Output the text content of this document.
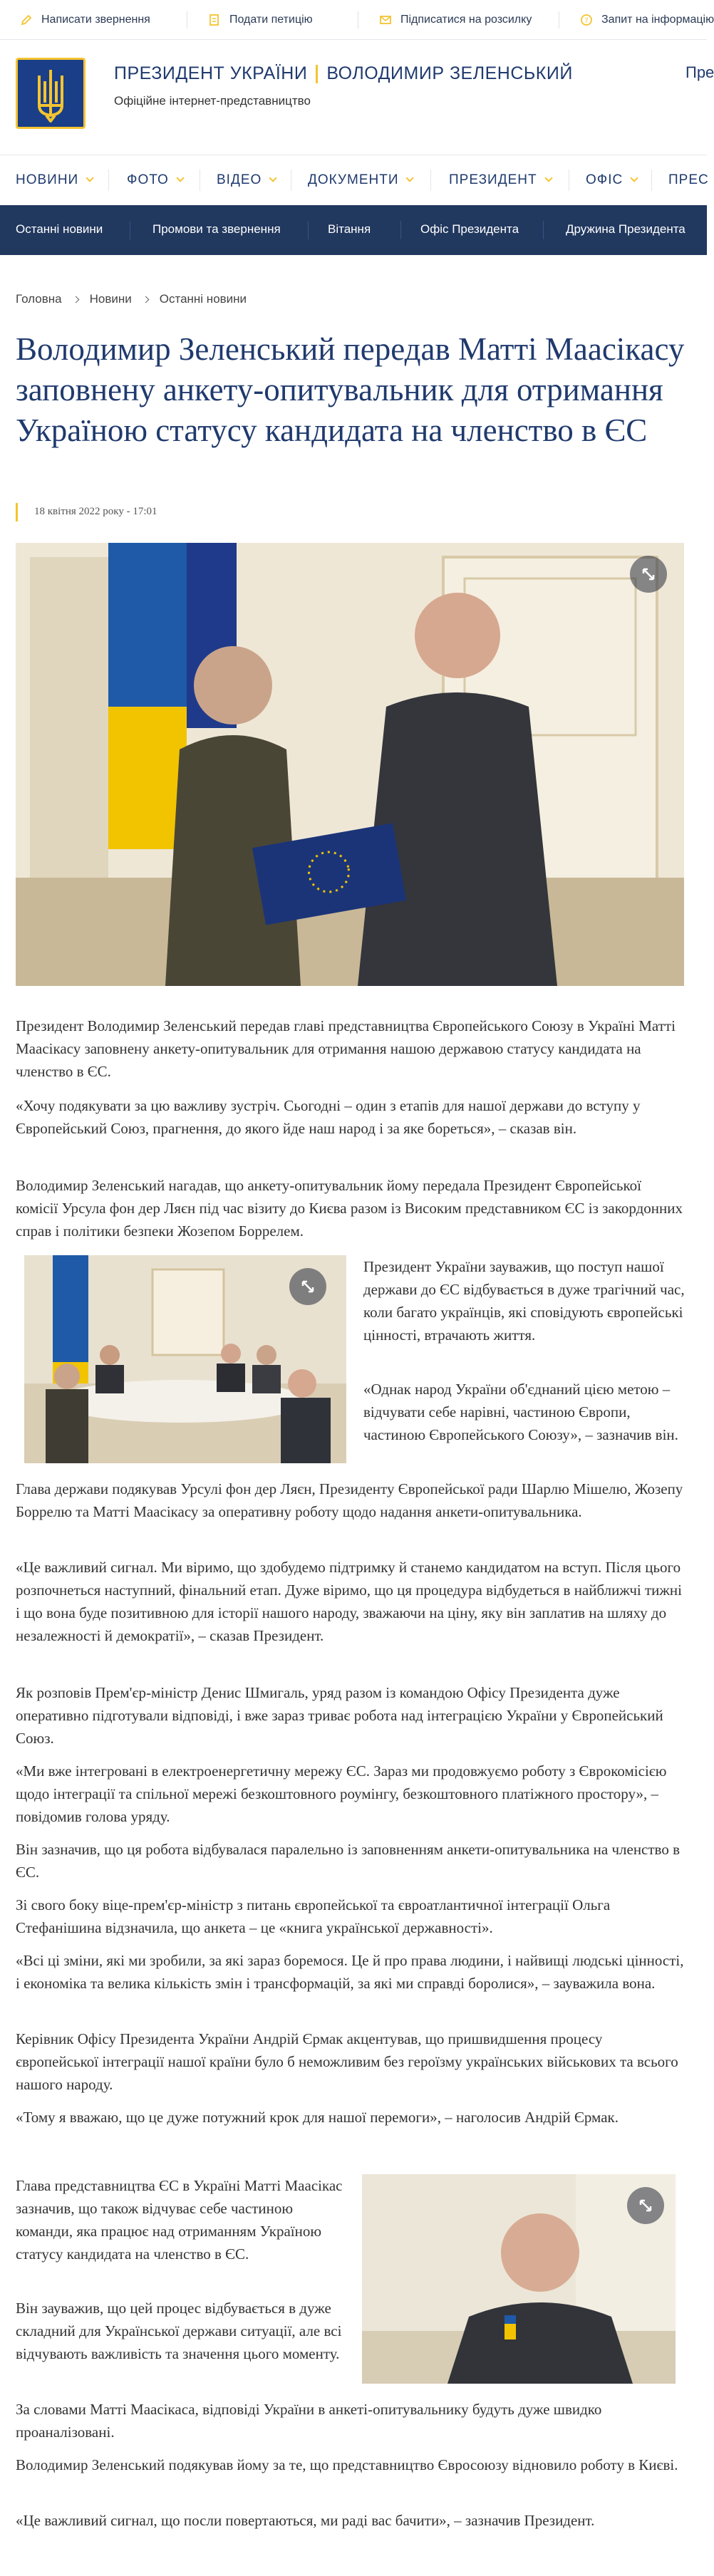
Написати звернення	Подати петицію	Підписатися на розсилку	? Запит на інформацію
ПРЕЗИДЕНТ УКРАЇНИ ВОЛОДИМИР ЗЕЛЕНСЬКИЙ
Офіційне інтернет-представництво
Прe
НОВИНИ	ФОТО	ВІДЕО	ДОКУМЕНТИ	ПРЕЗИДЕНТ	ОФІС	ПРЕС
Останні новини	Промови та звернення	Вітання	Офіс Президента	Дружина Президента
Головна Новини Останні новини
Володимир Зеленський передав Матті Маасікасу заповнену анкету-опитувальник для отримання Україною статусу кандидата на членство в ЄС
18 квітня 2022 року - 17:01
Президент Володимир Зеленський передав главі представництва Європейського Союзу в Україні Матті Маасікасу заповнену анкету-опитувальник для отримання нашою державою статусу кандидата на членство в ЄС.
«Хочу подякувати за цю важливу зустріч. Сьогодні – один з етапів для нашої держави до вступу у Європейський Союз, прагнення, до якого йде наш народ і за яке бореться», – сказав він.
Володимир Зеленський нагадав, що анкету-опитувальник йому передала Президент Європейської комісії Урсула фон дер Ляєн під час візиту до Києва разом із Високим представником ЄС із закордонних справ і політики безпеки Жозепом Боррелем.
Президент України зауважив, що поступ нашої держави до ЄС відбувається в дуже трагічний час, коли багато українців, які сповідують європейські цінності, втрачають життя.
«Однак народ України об'єднаний цією метою – відчувати себе нарівні, частиною Європи, частиною Європейського Союзу», – зазначив він.
Глава держави подякував Урсулі фон дер Ляєн, Президенту Європейської ради Шарлю Мішелю, Жозепу Боррелю та Матті Маасікасу за оперативну роботу щодо надання анкети-опитувальника.
«Це важливий сигнал. Ми віримо, що здобудемо підтримку й станемо кандидатом на вступ. Після цього розпочнеться наступний, фінальний етап. Дуже віримо, що ця процедура відбудеться в найближчі тижні і що вона буде позитивною для історії нашого народу, зважаючи на ціну, яку він заплатив на шляху до незалежності й демократії», – сказав Президент.
Як розповів Прем'єр-міністр Денис Шмигаль, уряд разом із командою Офісу Президента дуже оперативно підготували відповіді, і вже зараз триває робота над інтеграцією України у Європейський Союз.
«Ми вже інтегровані в електроенергетичну мережу ЄС. Зараз ми продовжуємо роботу з Єврокомісією щодо інтеграції та спільної мережі безкоштовного роумінгу, безкоштовного платіжного простору», – повідомив голова уряду.
Він зазначив, що ця робота відбувалася паралельно із заповненням анкети-опитувальника на членство в ЄС.
Зі свого боку віце-прем'єр-міністр з питань європейської та євроатлантичної інтеграції Ольга Стефанішина відзначила, що анкета – це «книга української державності».
«Всі ці зміни, які ми зробили, за які зараз боремося. Це й про права людини, і найвищі людські цінності, і економіка та велика кількість змін і трансформацій, за які ми справді боролися», – зауважила вона.
Керівник Офісу Президента України Андрій Єрмак акцентував, що пришвидшення процесу європейської інтеграції нашої країни було б неможливим без героїзму українських військових та всього нашого народу.
«Тому я вважаю, що це дуже потужний крок для нашої перемоги», – наголосив Андрій Єрмак.
Глава представництва ЄС в Україні Матті Маасікас зазначив, що також відчуває себе частиною команди, яка працює над отриманням Україною статусу кандидата на членство в ЄС.
Він зауважив, що цей процес відбувається в дуже складний для Української держави ситуації, але всі відчувають важливість та значення цього моменту.
За словами Матті Маасікаса, відповіді України в анкеті-опитувальнику будуть дуже швидко проаналізовані.
Володимир Зеленський подякував йому за те, що представництво Євросоюзу відновило роботу в Києві.
«Це важливий сигнал, що посли повертаються, ми раді вас бачити», – зазначив Президент.
